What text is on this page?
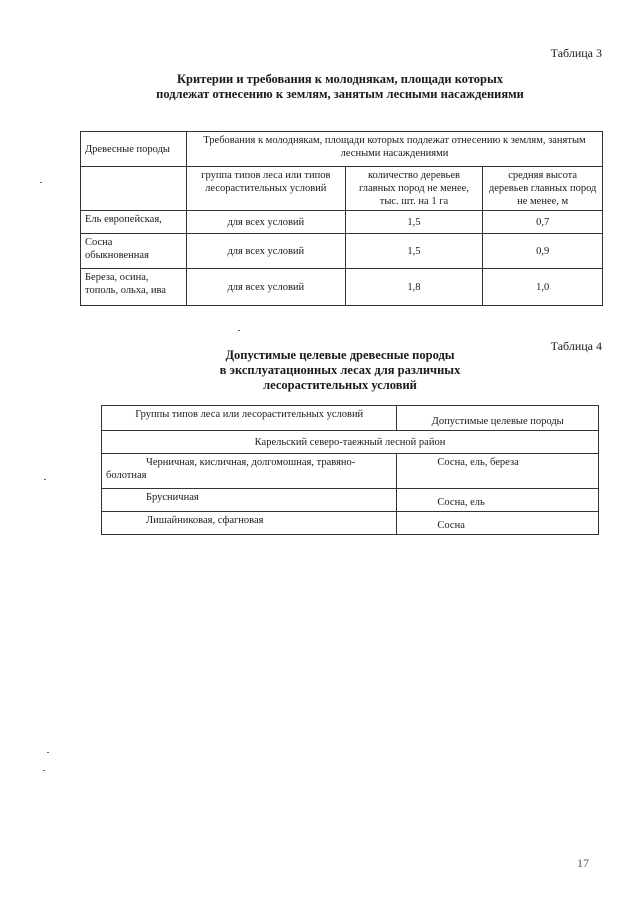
Таблица 3
Критерии и требования к молоднякам, площади которых
подлежат отнесению к землям, занятым лесными насаждениями
Древесные породы	Требования к молоднякам, площади которых подлежат отнесению к землям, занятым лесными насаждениями		
	группа типов леса или типов лесорастительных условий	количество деревьев главных пород не менее, тыс. шт. на 1 га	средняя высота деревьев главных пород не менее, м
Ель европейская,	для всех условий	1,5	0,7
Сосна обыкновенная	для всех условий	1,5	0,9
Береза, осина, тополь, ольха, ива	для всех условий	1,8	1,0
Таблица 4
Допустимые целевые древесные породы
в эксплуатационных лесах для различных
лесорастительных условий
Группы типов леса или лесорастительных условий	Допустимые целевые породы
Карельский северо-таежный лесной район	

Черничная, кисличная, долгомошная, травяно-болотная	Сосна, ель, береза
Брусничная	Сосна, ель
Лишайниковая, сфагновая	Сосна
17
